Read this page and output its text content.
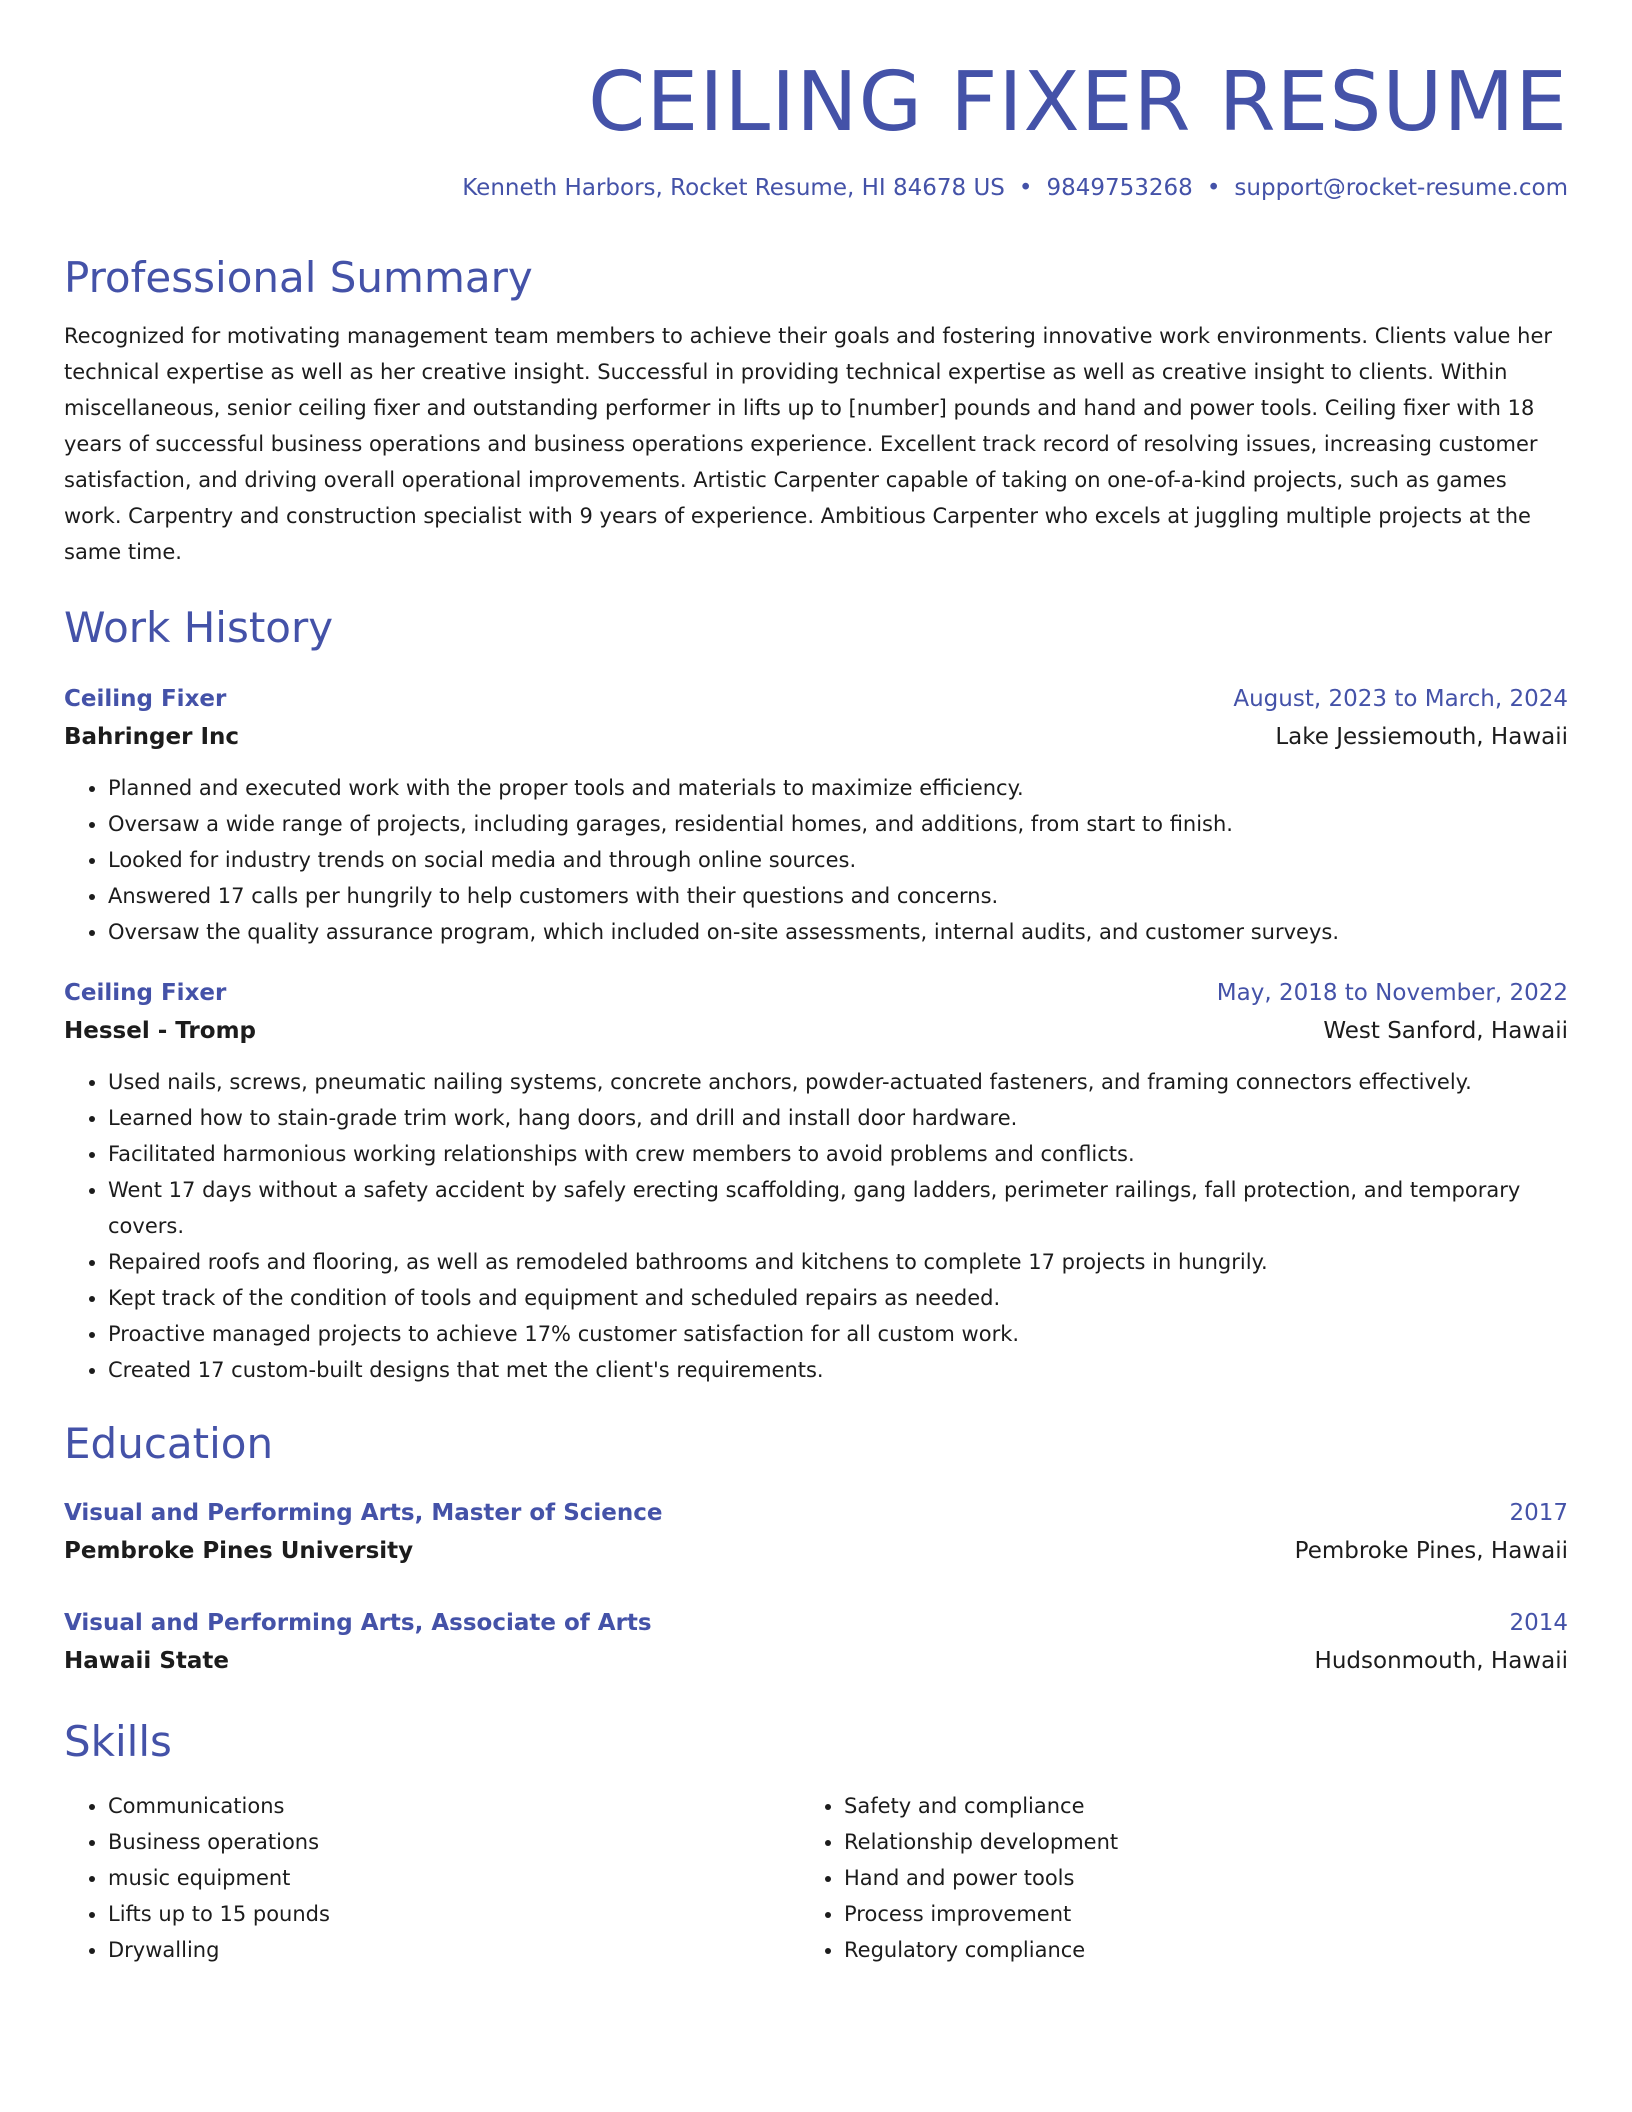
CEILING FIXER RESUME
Kenneth Harbors, Rocket Resume, HI 84678 US • 9849753268 • support@rocket-resume.com
Professional Summary
Recognized for motivating management team members to achieve their goals and fostering innovative work environments. Clients value her technical expertise as well as her creative insight. Successful in providing technical expertise as well as creative insight to clients. Within miscellaneous, senior ceiling fixer and outstanding performer in lifts up to [number] pounds and hand and power tools. Ceiling fixer with 18 years of successful business operations and business operations experience. Excellent track record of resolving issues, increasing customer satisfaction, and driving overall operational improvements. Artistic Carpenter capable of taking on one-of-a-kind projects, such as games work. Carpentry and construction specialist with 9 years of experience. Ambitious Carpenter who excels at juggling multiple projects at the same time.
Work History
Ceiling Fixer	August, 2023 to March, 2024
Bahringer Inc	Lake Jessiemouth, Hawaii
• Planned and executed work with the proper tools and materials to maximize efficiency.
• Oversaw a wide range of projects, including garages, residential homes, and additions, from start to finish.
• Looked for industry trends on social media and through online sources.
• Answered 17 calls per hungrily to help customers with their questions and concerns.
• Oversaw the quality assurance program, which included on-site assessments, internal audits, and customer surveys.
Ceiling Fixer	May, 2018 to November, 2022
Hessel - Tromp	West Sanford, Hawaii
• Used nails, screws, pneumatic nailing systems, concrete anchors, powder-actuated fasteners, and framing connectors effectively.
• Learned how to stain-grade trim work, hang doors, and drill and install door hardware.
• Facilitated harmonious working relationships with crew members to avoid problems and conflicts.
• Went 17 days without a safety accident by safely erecting scaffolding, gang ladders, perimeter railings, fall protection, and temporary covers.
• Repaired roofs and flooring, as well as remodeled bathrooms and kitchens to complete 17 projects in hungrily.
• Kept track of the condition of tools and equipment and scheduled repairs as needed.
• Proactive managed projects to achieve 17% customer satisfaction for all custom work.
• Created 17 custom-built designs that met the client's requirements.
Education
Visual and Performing Arts, Master of Science	2017
Pembroke Pines University	Pembroke Pines, Hawaii
Visual and Performing Arts, Associate of Arts	2014
Hawaii State	Hudsonmouth, Hawaii
Skills
• Communications
• Business operations
• music equipment
• Lifts up to 15 pounds
• Drywalling
• Safety and compliance
• Relationship development
• Hand and power tools
• Process improvement
• Regulatory compliance
